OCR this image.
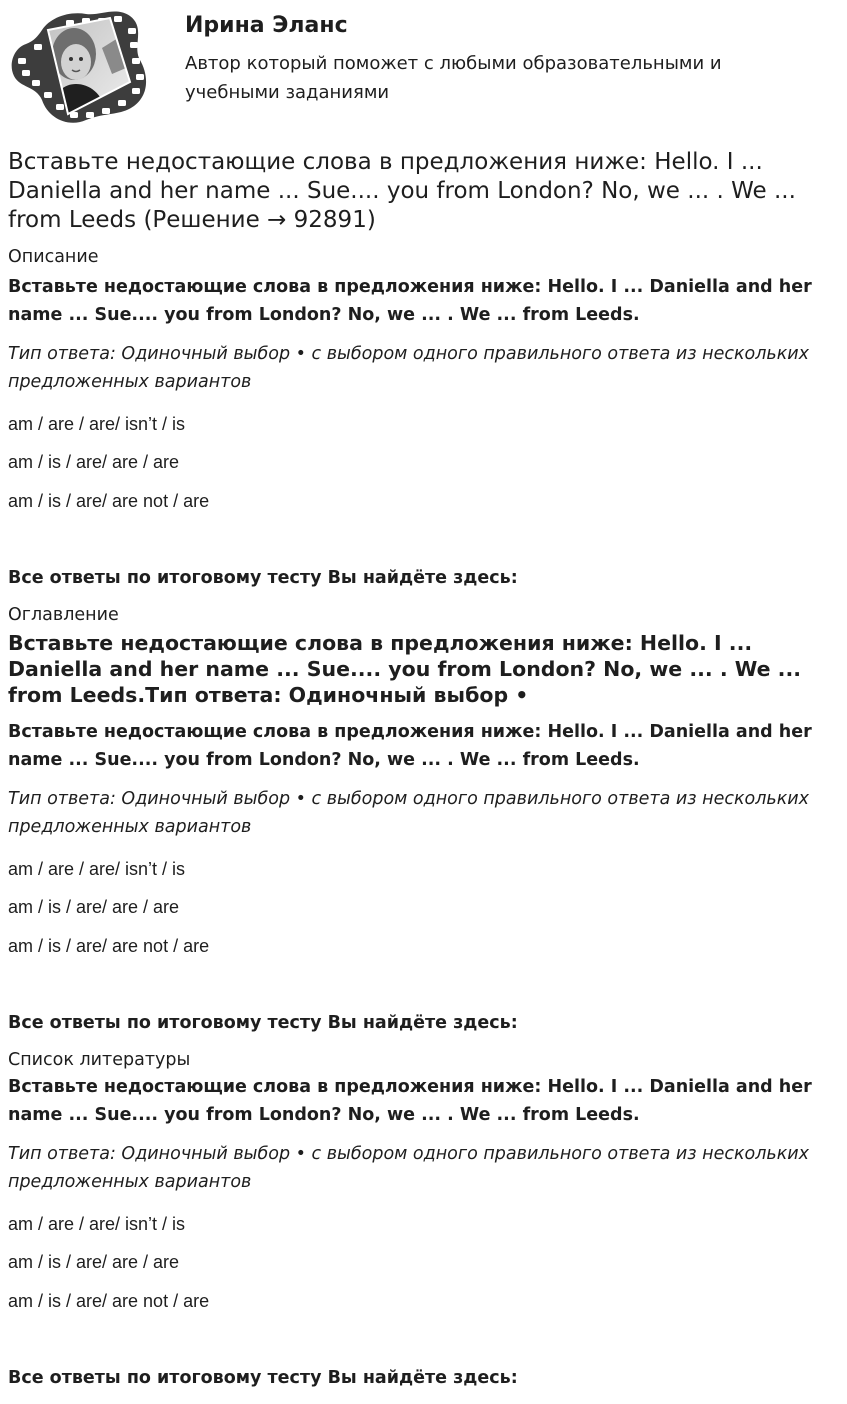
Ирина Эланс
Автор который поможет с любыми образовательными и учебными заданиями
Вставьте недостающие слова в предложения ниже: Hello. I ... Daniella and her name ... Sue.... you from London? No, we ... . We ... from Leeds (Решение → 92891)
Описание

Вставьте недостающие слова в предложения ниже: Hello. I ... Daniella and her name ... Sue.... you from London? No, we ... . We ... from Leeds.

Тип ответа: Одиночный выбор • с выбором одного правильного ответа из нескольких предложенных вариантов

am / are / are/ isn’t / is

am / is / are/ are / are

am / is / are/ are not / are

Все ответы по итоговому тесту Вы найдёте здесь:

Оглавление
Вставьте недостающие слова в предложения ниже: Hello. I ... Daniella and her name ... Sue.... you from London? No, we ... . We ... from Leeds.Тип ответа: Одиночный выбор •

Вставьте недостающие слова в предложения ниже: Hello. I ... Daniella and her name ... Sue.... you from London? No, we ... . We ... from Leeds.

Тип ответа: Одиночный выбор • с выбором одного правильного ответа из нескольких предложенных вариантов

am / are / are/ isn’t / is

am / is / are/ are / are

am / is / are/ are not / are

Все ответы по итоговому тесту Вы найдёте здесь:

Список литературы

Вставьте недостающие слова в предложения ниже: Hello. I ... Daniella and her name ... Sue.... you from London? No, we ... . We ... from Leeds.

Тип ответа: Одиночный выбор • с выбором одного правильного ответа из нескольких предложенных вариантов

am / are / are/ isn’t / is

am / is / are/ are / are

am / is / are/ are not / are

Все ответы по итоговому тесту Вы найдёте здесь:
